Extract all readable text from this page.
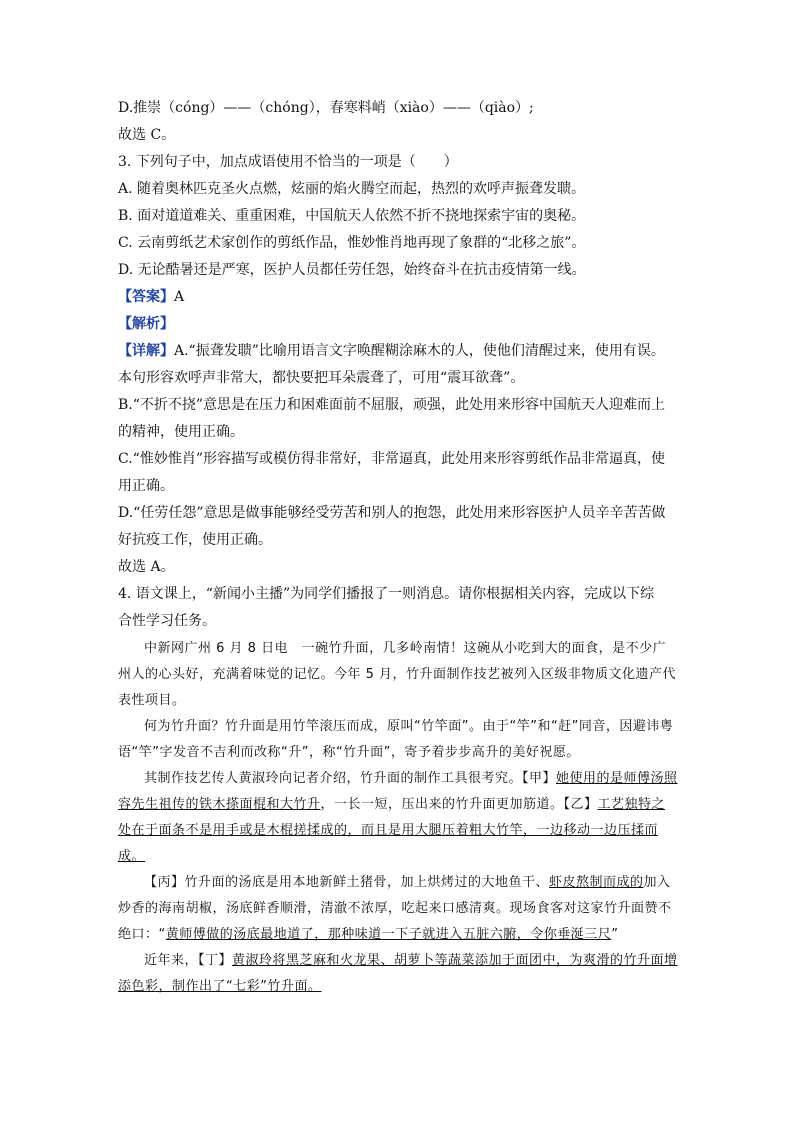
D.推崇（cóng）——（chóng），春寒料峭（xiào）——（qiào）;
故选 C。
3. 下列句子中，加点成语使用不恰当的一项是（　　）
A. 随着奥林匹克圣火点燃，炫丽的焰火腾空而起，热烈的欢呼声振聋发聩。
B. 面对道道难关、重重困难，中国航天人依然不折不挠地探索宇宙的奥秘。
C. 云南剪纸艺术家创作的剪纸作品，惟妙惟肖地再现了象群的“北移之旅”。
D. 无论酷暑还是严寒，医护人员都任劳任怨，始终奋斗在抗击疫情第一线。
【答案】A
【解析】
【详解】A.“振聋发聩”比喻用语言文字唤醒糊涂麻木的人，使他们清醒过来，使用有误。
本句形容欢呼声非常大，都快要把耳朵震聋了，可用“震耳欲聋”。
B.“不折不挠”意思是在压力和困难面前不屈服，顽强，此处用来形容中国航天人迎难而上
的精神，使用正确。
C.“惟妙惟肖”形容描写或模仿得非常好，非常逼真，此处用来形容剪纸作品非常逼真，使
用正确。
D.“任劳任怨”意思是做事能够经受劳苦和别人的抱怨，此处用来形容医护人员辛辛苦苦做
好抗疫工作，使用正确。
故选 A。
4. 语文课上，“新闻小主播”为同学们播报了一则消息。请你根据相关内容，完成以下综
合性学习任务。

中新网广州 6 月 8 日电　一碗竹升面，几多岭南情！这碗从小吃到大的面食，是不少广州人的心头好，充满着味觉的记忆。今年 5 月，竹升面制作技艺被列入区级非物质文化遗产代表性项目。

何为竹升面？竹升面是用竹竿滚压而成，原叫“竹竿面”。由于“竿”和“赶”同音，因避讳粤语“竿”字发音不吉利而改称“升”，称“竹升面”，寄予着步步高升的美好祝愿。

其制作技艺传人黄淑玲向记者介绍，竹升面的制作工具很考究。【甲】她使用的是师傅汤照容先生祖传的铁木搽面棍和大竹升，一长一短，压出来的竹升面更加筋道。【乙】工艺独特之处在于面条不是用手或是木棍搓揉成的，而且是用大腿压着粗大竹竿，一边移动一边压揉而成。

【丙】竹升面的汤底是用本地新鲜土猪骨，加上烘烤过的大地鱼干、虾皮熬制而成的加入炒香的海南胡椒，汤底鲜香顺滑，清澈不浓厚，吃起来口感清爽。现场食客对这家竹升面赞不绝口：“黄师傅做的汤底最地道了，那种味道一下子就进入五脏六腑，令你垂涎三尺”

近年来，【丁】黄淑玲将黑芝麻和火龙果、胡萝卜等蔬菜添加于面团中，为爽滑的竹升面增添色彩，制作出了“七彩”竹升面。
